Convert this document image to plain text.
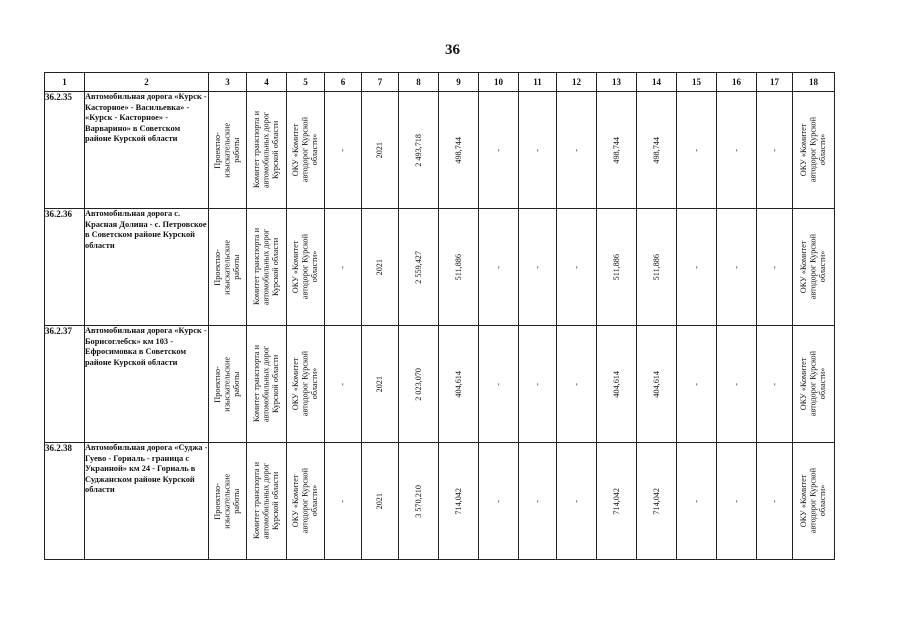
36
1	2	3	4	5	6	7	8	9	10	11	12	13	14	15	16	17	18
36.2.35	Автомобильная дорога «Курск - Касторное» - Васильевка» - «Курск - Касторное» - Варварино» в Советском районе Курской области	Проектно-
изыскательские
работы	Комитет транспорта и
автомобильных дорог
Курской области	ОКУ «Комитет
автодорог Курской
области»	-	2021	2 493,718	498,744	-	-	-	498,744	498,744	-	-	-	ОКУ «Комитет
автодорог Курской
области»

36.2.36	Автомобильная дорога с. Красная Долина - с. Петровское в Советском районе Курской области	Проектно-
изыскательские
работы	Комитет транспорта и
автомобильных дорог
Курской области	ОКУ «Комитет
автодорог Курской
области»	-	2021	2 559,427	511,886	-	-	-	511,886	511,886	-	-	-	ОКУ «Комитет
автодорог Курской
области»

36.2.37	Автомобильная дорога «Курск - Борисоглебск» км 103 - Ефросимовка в Советском районе Курской области	Проектно-
изыскательские
работы	Комитет транспорта и
автомобильных дорог
Курской области	ОКУ «Комитет
автодорог Курской
области»	-	2021	2 023,070	404,614	-	-	-	404,614	404,614	-	-	-	ОКУ «Комитет
автодорог Курской
области»

36.2.38	Автомобильная дорога «Суджа - Гуево - Гориаль - граница с Украиной» км 24 - Гориаль в Суджанском районе Курской области	Проектно-
изыскательские
работы	Комитет транспорта и
автомобильных дорог
Курской области	ОКУ «Комитет
автодорог Курской
области»	-	2021	3 570,210	714,042	-	-	-	714,042	714,042	-	-	-	ОКУ «Комитет
автодорог Курской
области»
